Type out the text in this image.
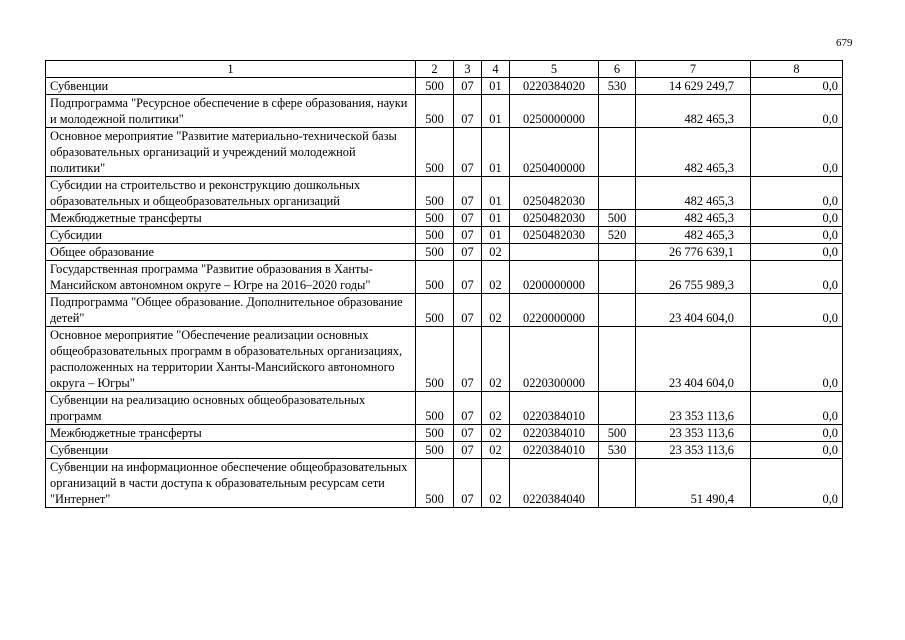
679
1	2	3	4	5	6	7	8
Субвенции	500	07	01	0220384020	530	14 629 249,7	0,0
Подпрограмма "Ресурсное обеспечение в сфере образования, науки и молодежной политики"	500	07	01	0250000000		482 465,3	0,0
Основное мероприятие "Развитие материально-технической базы образовательных организаций и учреждений молодежной политики"	500	07	01	0250400000		482 465,3	0,0
Субсидии на строительство и реконструкцию дошкольных образовательных и общеобразовательных организаций	500	07	01	0250482030		482 465,3	0,0
Межбюджетные трансферты	500	07	01	0250482030	500	482 465,3	0,0
Субсидии	500	07	01	0250482030	520	482 465,3	0,0
Общее образование	500	07	02			26 776 639,1	0,0
Государственная программа "Развитие образования в Ханты-Мансийском автономном округе – Югре на 2016–2020 годы"	500	07	02	0200000000		26 755 989,3	0,0
Подпрограмма "Общее образование. Дополнительное образование детей"	500	07	02	0220000000		23 404 604,0	0,0
Основное мероприятие "Обеспечение реализации основных общеобразовательных программ в образовательных организациях, расположенных на территории Ханты-Мансийского автономного округа – Югры"	500	07	02	0220300000		23 404 604,0	0,0
Субвенции на реализацию основных общеобразовательных программ	500	07	02	0220384010		23 353 113,6	0,0
Межбюджетные трансферты	500	07	02	0220384010	500	23 353 113,6	0,0
Субвенции	500	07	02	0220384010	530	23 353 113,6	0,0
Субвенции на информационное обеспечение общеобразовательных организаций в части доступа к образовательным ресурсам сети "Интернет"	500	07	02	0220384040		51 490,4	0,0
